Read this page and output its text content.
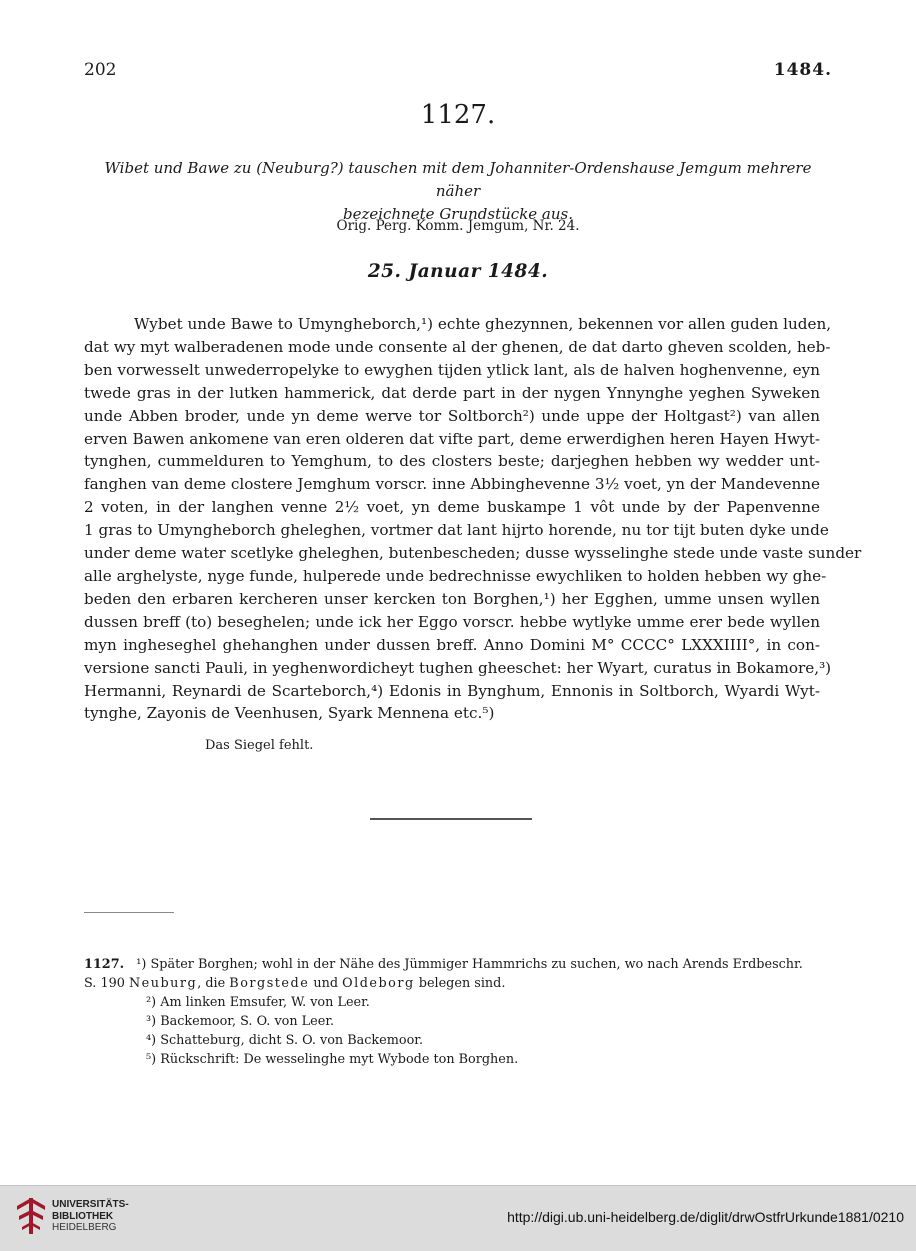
202	1484.
1127.
Wibet und Bawe zu (Neuburg?) tauschen mit dem Johanniter-Ordenshause Jemgum mehrere näher
bezeichnete Grundstücke aus.
Orig. Perg. Komm. Jemgum, Nr. 24.
25. Januar 1484.
Wybet unde Bawe to Umyngheborch,¹) echte ghezynnen, bekennen vor allen guden luden,
dat wy myt walberadenen mode unde consente al der ghenen, de dat darto gheven scolden, heb-
ben vorwesselt unwederropelyke to ewyghen tijden ytlick lant, als de halven hoghenvenne, eyn
twede gras in der lutken hammerick, dat derde part in der nygen Ynnynghe yeghen Syweken
unde Abben broder, unde yn deme werve tor Soltborch²) unde uppe der Holtgast²) van allen
erven Bawen ankomene van eren olderen dat vifte part, deme erwerdighen heren Hayen Hwyt-
tynghen, cummelduren to Yemghum, to des closters beste; darjeghen hebben wy wedder unt-
fanghen van deme clostere Jemghum vorscr. inne Abbinghevenne 3½ voet, yn der Mandevenne
2 voten, in der langhen venne 2½ voet, yn deme buskampe 1 vôt unde by der Papenvenne
1 gras to Umyngheborch gheleghen, vortmer dat lant hijrto horende, nu tor tijt buten dyke unde
under deme water scetlyke gheleghen, butenbescheden; dusse wysselinghe stede unde vaste sunder
alle arghelyste, nyge funde, hulperede unde bedrechnisse ewychliken to holden hebben wy ghe-
beden den erbaren kercheren unser kercken ton Borghen,¹) her Egghen, umme unsen wyllen
dussen breff (to) beseghelen; unde ick her Eggo vorscr. hebbe wytlyke umme erer bede wyllen
myn ingheseghel ghehanghen under dussen breff. Anno Domini M° CCCC° LXXXIIII°, in con-
versione sancti Pauli, in yeghenwordicheyt tughen gheeschet: her Wyart, curatus in Bokamore,³)
Hermanni, Reynardi de Scarteborch,⁴) Edonis in Bynghum, Ennonis in Soltborch, Wyardi Wyt-
tynghe, Zayonis de Veenhusen, Syark Mennena etc.⁵)
Das Siegel fehlt.
1127. ¹) Später Borghen; wohl in der Nähe des Jümmiger Hammrichs zu suchen, wo nach Arends Erdbeschr.
S. 190 Neuburg, die Borgstede und Oldeborg belegen sind.
²) Am linken Emsufer, W. von Leer.
³) Backemoor, S. O. von Leer.
⁴) Schatteburg, dicht S. O. von Backemoor.
⁵) Rückschrift: De wesselinghe myt Wybode ton Borghen.
UNIVERSITÄTS-
BIBLIOTHEK
HEIDELBERG
http://digi.ub.uni-heidelberg.de/diglit/drwOstfrUrkunde1881/0210
